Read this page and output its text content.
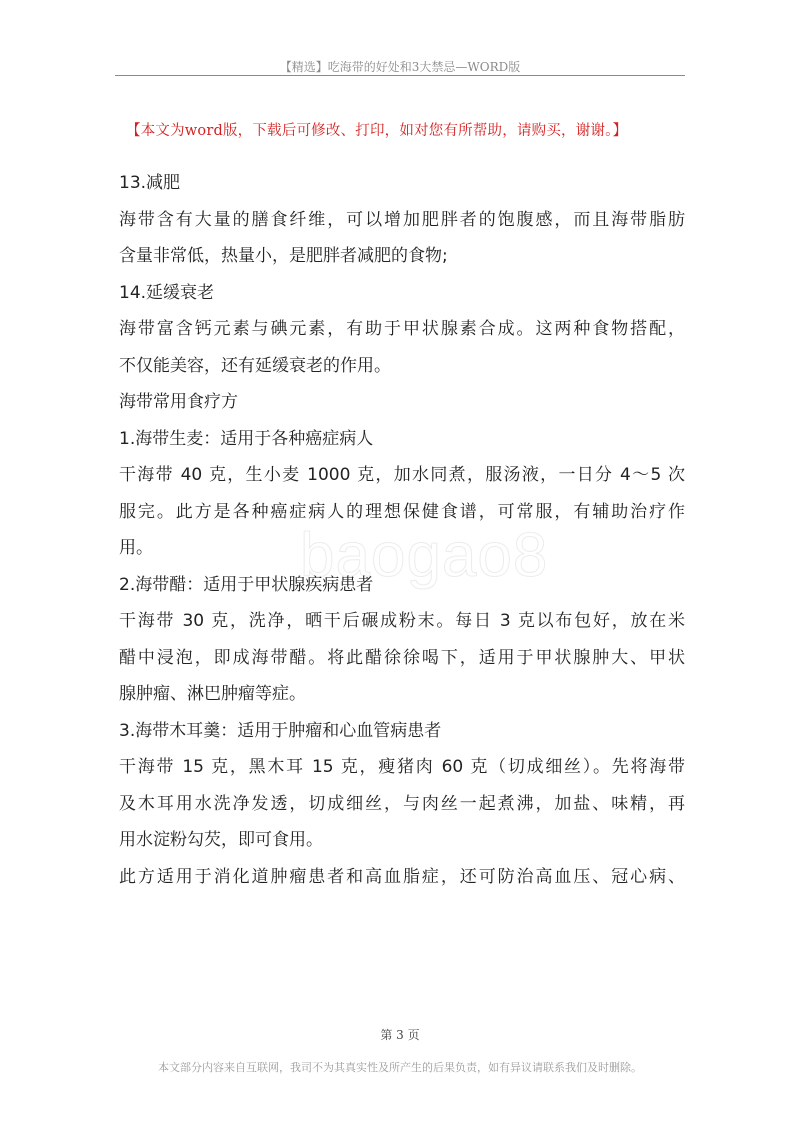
【精选】吃海带的好处和3大禁忌—WORD版
【本文为word版，下载后可修改、打印，如对您有所帮助，请购买，谢谢。】
baogao8
13.减肥
海带含有大量的膳食纤维，可以增加肥胖者的饱腹感，而且海带脂肪
含量非常低，热量小，是肥胖者减肥的食物;
14.延缓衰老
海带富含钙元素与碘元素，有助于甲状腺素合成。这两种食物搭配，
不仅能美容，还有延缓衰老的作用。
海带常用食疗方
1.海带生麦：适用于各种癌症病人
干海带 40 克，生小麦 1000 克，加水同煮，服汤液，一日分 4～5 次
服完。此方是各种癌症病人的理想保健食谱，可常服，有辅助治疗作
用。
2.海带醋：适用于甲状腺疾病患者
干海带 30 克，洗净，晒干后碾成粉末。每日 3 克以布包好，放在米
醋中浸泡，即成海带醋。将此醋徐徐喝下，适用于甲状腺肿大、甲状
腺肿瘤、淋巴肿瘤等症。
3.海带木耳羹：适用于肿瘤和心血管病患者
干海带 15 克，黑木耳 15 克，瘦猪肉 60 克（切成细丝）。先将海带
及木耳用水洗净发透，切成细丝，与肉丝一起煮沸，加盐、味精，再
用水淀粉勾芡，即可食用。
此方适用于消化道肿瘤患者和高血脂症，还可防治高血压、冠心病、
第 3 页
本文部分内容来自互联网，我司不为其真实性及所产生的后果负责，如有异议请联系我们及时删除。
